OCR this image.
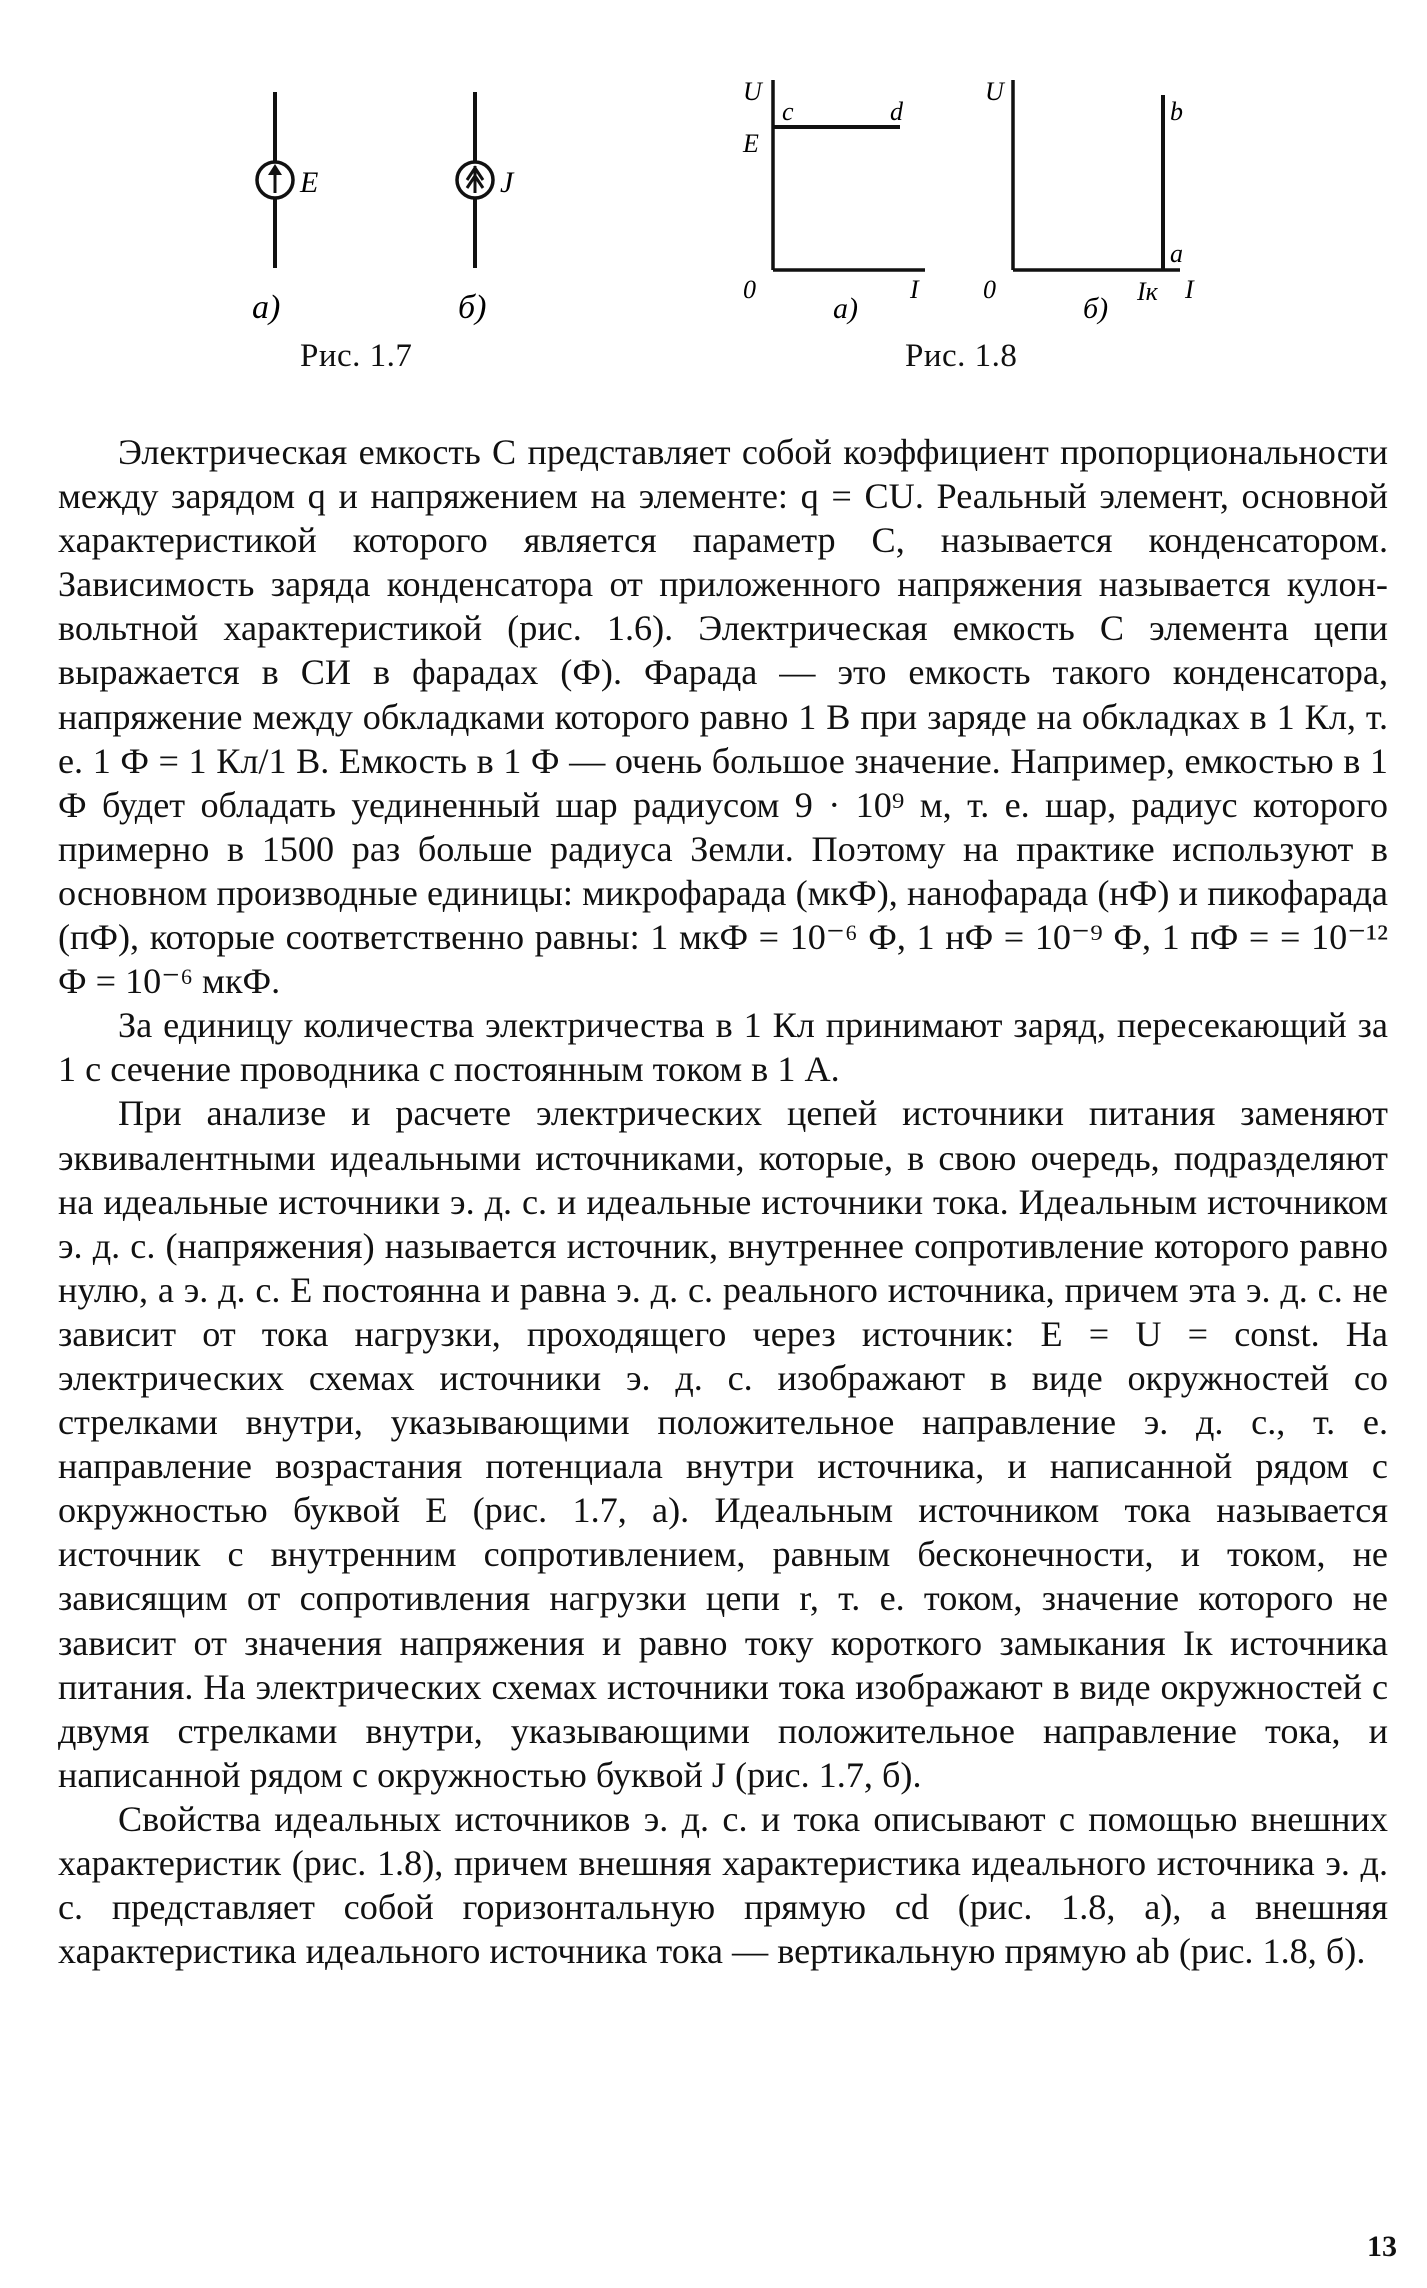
E
а)
J
б)
U
E
c	d
0	I
а)
U
b
a
0	Iк I
б)
Рис. 1.7	Рис. 1.8

Электрическая емкость C представляет собой коэффициент пропорциональности между зарядом q и напряжением на элементе: q = CU. Реальный элемент, основной характеристикой которого является параметр C, называется конденсатором. Зависимость заряда конденсатора от приложенного напряжения называется кулон-вольтной характеристикой (рис. 1.6). Электрическая емкость C элемента цепи выражается в СИ в фарадах (Ф). Фарада — это емкость такого конденсатора, напряжение между обкладками которого равно 1 В при заряде на обкладках в 1 Кл, т. е. 1 Ф = 1 Кл/1 В. Емкость в 1 Ф — очень большое значение. Например, емкостью в 1 Ф будет обладать уединенный шар радиусом 9 · 10⁹ м, т. е. шар, радиус которого примерно в 1500 раз больше радиуса Земли. Поэтому на практике используют в основном производные единицы: микрофарада (мкФ), нанофарада (нФ) и пикофарада (пФ), которые соответственно равны: 1 мкФ = 10⁻⁶ Ф, 1 нФ = 10⁻⁹ Ф, 1 пФ = = 10⁻¹² Ф = 10⁻⁶ мкФ.

За единицу количества электричества в 1 Кл принимают заряд, пересекающий за 1 с сечение проводника с постоянным током в 1 А.

При анализе и расчете электрических цепей источники питания заменяют эквивалентными идеальными источниками, которые, в свою очередь, подразделяют на идеальные источники э. д. с. и идеальные источники тока. Идеальным источником э. д. с. (напряжения) называется источник, внутреннее сопротивление которого равно нулю, а э. д. с. E постоянна и равна э. д. с. реального источника, причем эта э. д. с. не зависит от тока нагрузки, проходящего через источник: E = U = const. На электрических схемах источники э. д. с. изображают в виде окружностей со стрелками внутри, указывающими положительное направление э. д. с., т. е. направление возрастания потенциала внутри источника, и написанной рядом с окружностью буквой E (рис. 1.7, а). Идеальным источником тока называется источник с внутренним сопротивлением, равным бесконечности, и током, не зависящим от сопротивления нагрузки цепи r, т. е. током, значение которого не зависит от значения напряжения и равно току короткого замыкания Iк источника питания. На электрических схемах источники тока изображают в виде окружностей с двумя стрелками внутри, указывающими положительное направление тока, и написанной рядом с окружностью буквой J (рис. 1.7, б).

Свойства идеальных источников э. д. с. и тока описывают с помощью внешних характеристик (рис. 1.8), причем внешняя характеристика идеального источника э. д. с. представляет собой горизонтальную прямую cd (рис. 1.8, а), а внешняя характеристика идеального источника тока — вертикальную прямую ab (рис. 1.8, б).

13
